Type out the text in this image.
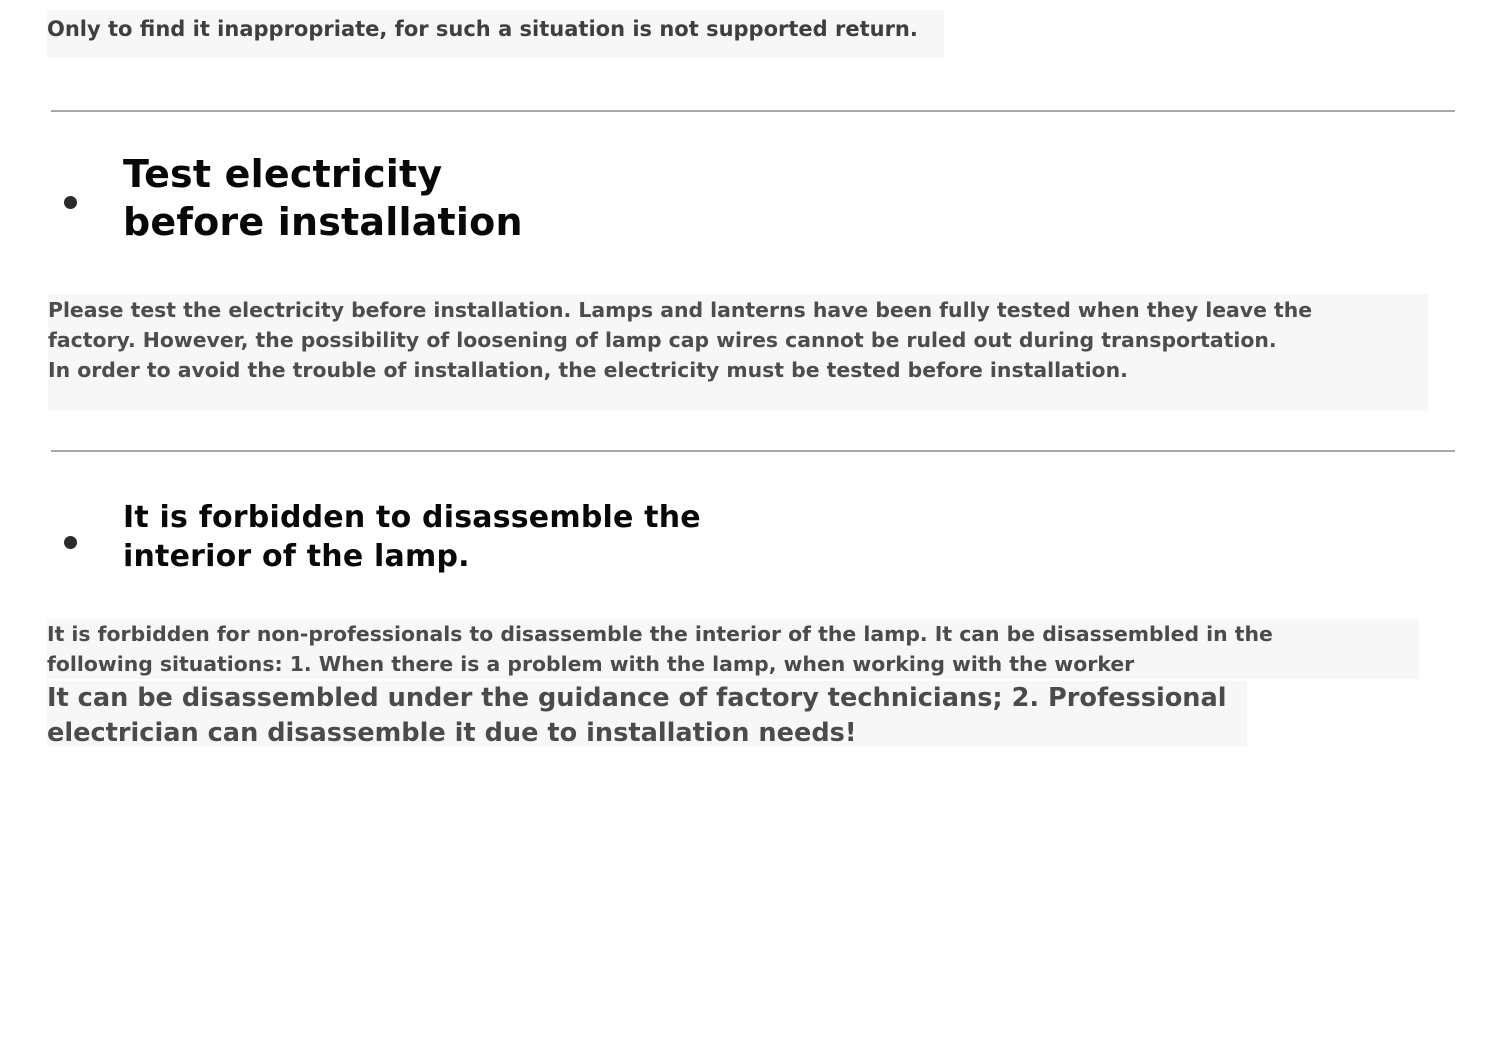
Only to find it inappropriate, for such a situation is not supported return.

Test electricity
before installation

Please test the electricity before installation. Lamps and lanterns have been fully tested when they leave the
factory. However, the possibility of loosening of lamp cap wires cannot be ruled out during transportation.
In order to avoid the trouble of installation, the electricity must be tested before installation.

It is forbidden to disassemble the
interior of the lamp.

It is forbidden for non-professionals to disassemble the interior of the lamp. It can be disassembled in the
following situations: 1. When there is a problem with the lamp, when working with the worker

It can be disassembled under the guidance of factory technicians; 2. Professional
electrician can disassemble it due to installation needs!
